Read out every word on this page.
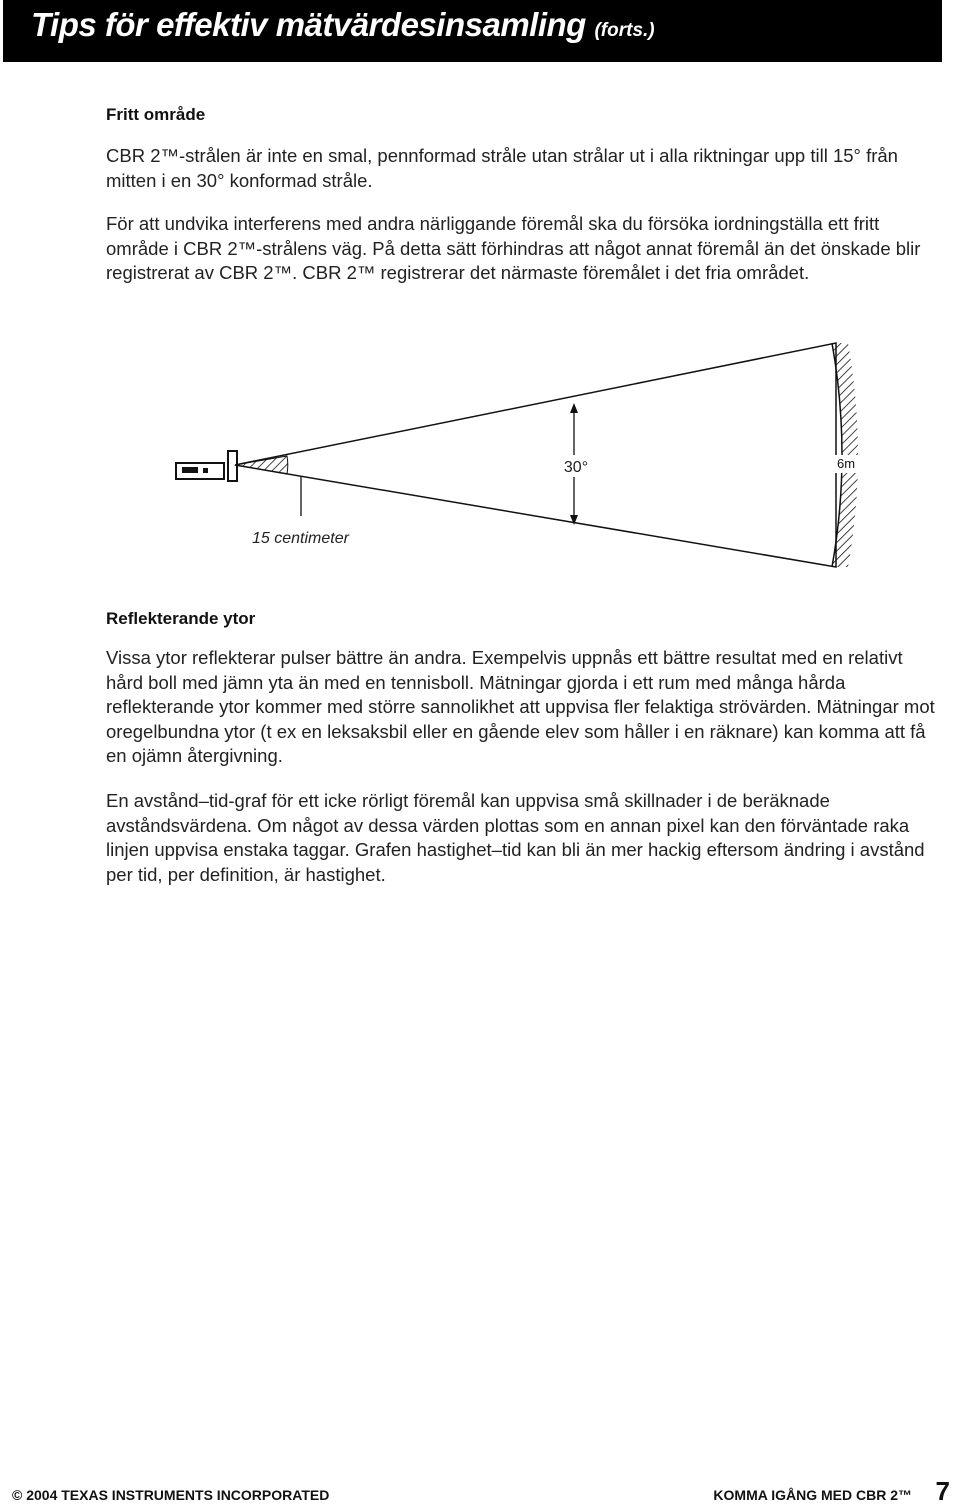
Tips för effektiv mätvärdesinsamling (forts.)
Fritt område
CBR 2™-strålen är inte en smal, pennformad stråle utan strålar ut i alla riktningar upp till 15° från mitten i en 30° konformad stråle.
För att undvika interferens med andra närliggande föremål ska du försöka iordningställa ett fritt område i CBR 2™-strålens väg. På detta sätt förhindras att något annat föremål än det önskade blir registrerat av CBR 2™. CBR 2™ registrerar det närmaste föremålet i det fria området.
30°	6m
15 centimeter
Reflekterande ytor
Vissa ytor reflekterar pulser bättre än andra. Exempelvis uppnås ett bättre resultat med en relativt hård boll med jämn yta än med en tennisboll. Mätningar gjorda i ett rum med många hårda reflekterande ytor kommer med större sannolikhet att uppvisa fler felaktiga strövärden. Mätningar mot oregelbundna ytor (t ex en leksaksbil eller en gående elev som håller i en räknare) kan komma att få en ojämn återgivning.
En avstånd–tid-graf för ett icke rörligt föremål kan uppvisa små skillnader i de beräknade avståndsvärdena. Om något av dessa värden plottas som en annan pixel kan den förväntade raka linjen uppvisa enstaka taggar. Grafen hastighet–tid kan bli än mer hackig eftersom ändring i avstånd per tid, per definition, är hastighet.
© 2004 TEXAS INSTRUMENTS INCORPORATED	KOMMA IGÅNG MED CBR 2™ 7
